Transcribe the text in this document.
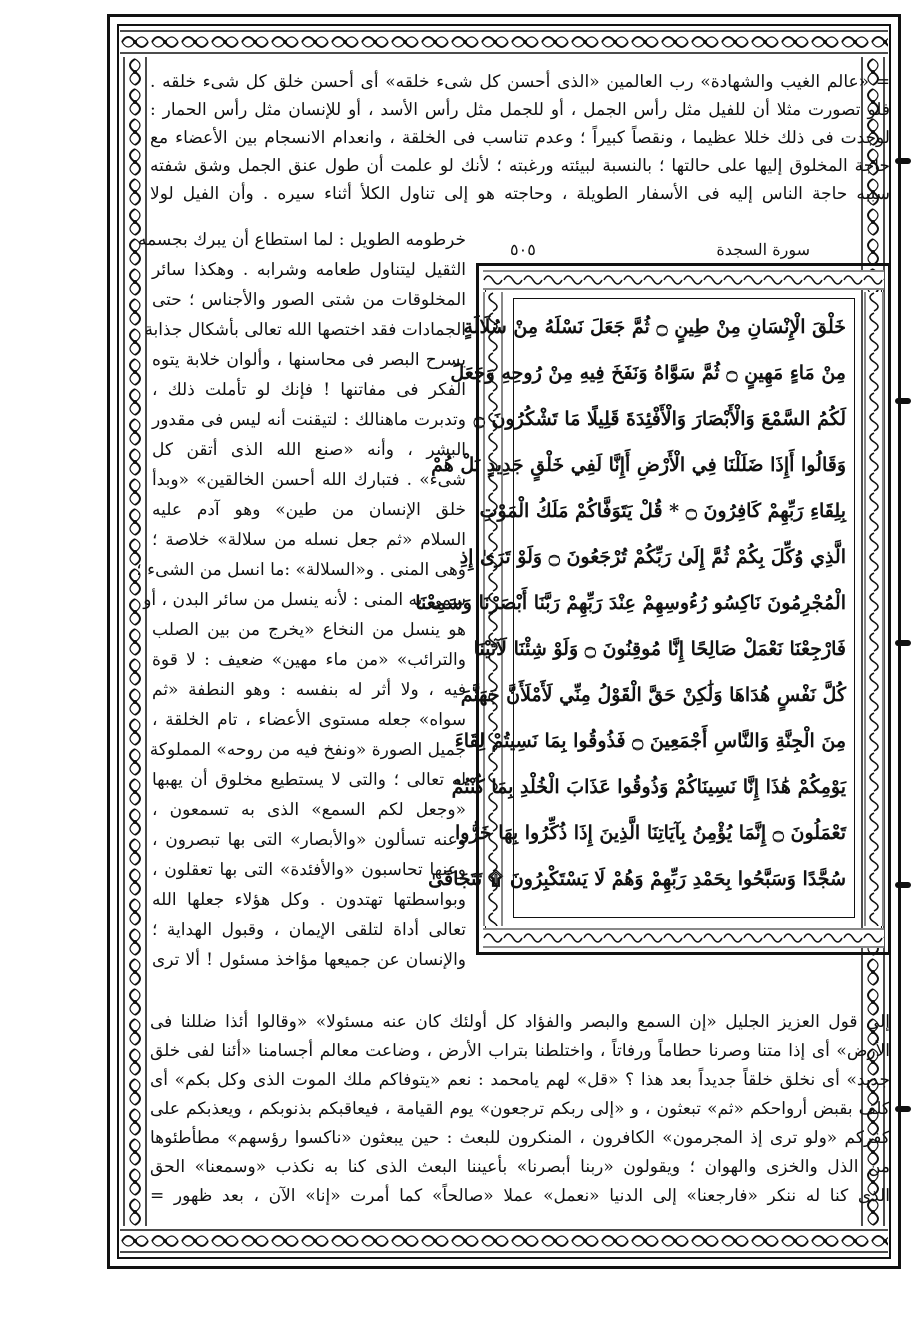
= «عالم الغيب والشهادة» رب العالمين «الذى أحسن كل شىء خلقه» أى أحسن خلق كل شىء خلقه .
فلو تصورت مثلا أن للفيل مثل رأس الجمل ، أو للجمل مثل رأس الأسد ، أو للإنسان مثل رأس الحمار :
لوجدت فى ذلك خللا عظيما ، ونقصاً كبيراً ؛ وعدم تناسب فى الخلقة ، وانعدام الانسجام بين الأعضاء مع
حاجة المخلوق إليها على حالتها ؛ بالنسبة لبيئته ورغبته ؛ لأنك لو علمت أن طول عنق الجمل وشق شفته
سببه حاجة الناس إليه فى الأسفار الطويلة ، وحاجته هو إلى تناول الكلأ أثناء سيره . وأن الفيل لولا
سورة السجدة
٥٠٥
خرطومه الطويل : لما استطاع أن يبرك بجسمه
الثقيل ليتناول طعامه وشرابه . وهكذا سائر
المخلوقات من شتى الصور والأجناس ؛ حتى
الجمادات فقد اختصها الله تعالى بأشكال جذابة
يسرح البصر فى محاسنها ، وألوان خلابة يتوه
الفكر فى مفاتنها ! فإنك لو تأملت ذلك ،
وتدبرت ماهنالك : لتيقنت أنه ليس فى مقدور
البشر ، وأنه «صنع الله الذى أتقن كل
شىء» . فتبارك الله أحسن الخالقين» «وبدأ
خلق الإنسان من طين» وهو آدم عليه
السلام «ثم جعل نسله من سلالة» خلاصة ؛
وهى المنى . و«السلالة» :ما انسل من الشىء ؛
سمى به المنى : لأنه ينسل من سائر البدن ، أو
هو ينسل من النخاع «يخرج من بين الصلب
والترائب» «من ماء مهين» ضعيف : لا قوة
فيه ، ولا أثر له بنفسه : وهو النطفة «ثم
سواه» جعله مستوى الأعضاء ، تام الخلقة ،
جميل الصورة «ونفخ فيه من روحه» المملوكة
له تعالى ؛ والتى لا يستطيع مخلوق أن يهبها
«وجعل لكم السمع» الذى به تسمعون ،
وعنه تسألون «والأبصار» التى بها تبصرون ،
وعنها تحاسبون «والأفئدة» التى بها تعقلون ،
وبواسطتها تهتدون . وكل هؤلاء جعلها الله
تعالى أداة لتلقى الإيمان ، وقبول الهداية ؛
والإنسان عن جميعها مؤاخذ مسئول ! ألا ترى
خَلْقَ الْإِنْسَانِ مِنْ طِينٍ ۝ ثُمَّ جَعَلَ نَسْلَهُ مِنْ سُلَالَةٍ
مِنْ مَاءٍ مَهِينٍ ۝ ثُمَّ سَوَّاهُ وَنَفَخَ فِيهِ مِنْ رُوحِهِ وَجَعَلَ
لَكُمُ السَّمْعَ وَالْأَبْصَارَ وَالْأَفْئِدَةَ قَلِيلًا مَا تَشْكُرُونَ ۝
وَقَالُوا أَإِذَا ضَلَلْنَا فِي الْأَرْضِ أَإِنَّا لَفِي خَلْقٍ جَدِيدٍ بَلْ هُمْ
بِلِقَاءِ رَبِّهِمْ كَافِرُونَ ۝ * قُلْ يَتَوَفَّاكُمْ مَلَكُ الْمَوْتِ
الَّذِي وُكِّلَ بِكُمْ ثُمَّ إِلَىٰ رَبِّكُمْ تُرْجَعُونَ ۝ وَلَوْ تَرَىٰ إِذِ
الْمُجْرِمُونَ نَاكِسُو رُءُوسِهِمْ عِنْدَ رَبِّهِمْ رَبَّنَا أَبْصَرْنَا وَسَمِعْنَا
فَارْجِعْنَا نَعْمَلْ صَالِحًا إِنَّا مُوقِنُونَ ۝ وَلَوْ شِئْنَا لَآتَيْنَا
كُلَّ نَفْسٍ هُدَاهَا وَلَٰكِنْ حَقَّ الْقَوْلُ مِنِّي لَأَمْلَأَنَّ جَهَنَّمَ
مِنَ الْجِنَّةِ وَالنَّاسِ أَجْمَعِينَ ۝ فَذُوقُوا بِمَا نَسِيتُمْ لِقَاءَ
يَوْمِكُمْ هَٰذَا إِنَّا نَسِينَاكُمْ وَذُوقُوا عَذَابَ الْخُلْدِ بِمَا كُنْتُمْ
تَعْمَلُونَ ۝ إِنَّمَا يُؤْمِنُ بِآيَاتِنَا الَّذِينَ إِذَا ذُكِّرُوا بِهَا خَرُّوا
سُجَّدًا وَسَبَّحُوا بِحَمْدِ رَبِّهِمْ وَهُمْ لَا يَسْتَكْبِرُونَ ۩ تَتَجَافَىٰ
إلى قول العزيز الجليل «إن السمع والبصر والفؤاد كل أولئك كان عنه مسئولا» «وقالوا أئذا ضللنا فى
الأرض» أى إذا متنا وصرنا حطاماً ورفاتاً ، واختلطنا بتراب الأرض ، وضاعت معالم أجسامنا «أئنا لفى خلق
جديد» أى نخلق خلقاً جديداً بعد هذا ؟ «قل» لهم يامحمد : نعم «يتوفاكم ملك الموت الذى وكل بكم» أى
كلف بقبض أرواحكم «ثم» تبعثون ، و «إلى ربكم ترجعون» يوم القيامة ، فيعاقبكم بذنوبكم ، ويعذبكم على
كفركم «ولو ترى إذ المجرمون» الكافرون ، المنكرون للبعث : حين يبعثون «ناكسوا رؤسهم» مطأطئوها
من الذل والخزى والهوان ؛ ويقولون «ربنا أبصرنا» بأعيننا البعث الذى كنا به نكذب «وسمعنا» الحق
الذى كنا له ننكر «فارجعنا» إلى الدنيا «نعمل» عملا «صالحاً» كما أمرت «إنا» الآن ، بعد ظهور =
